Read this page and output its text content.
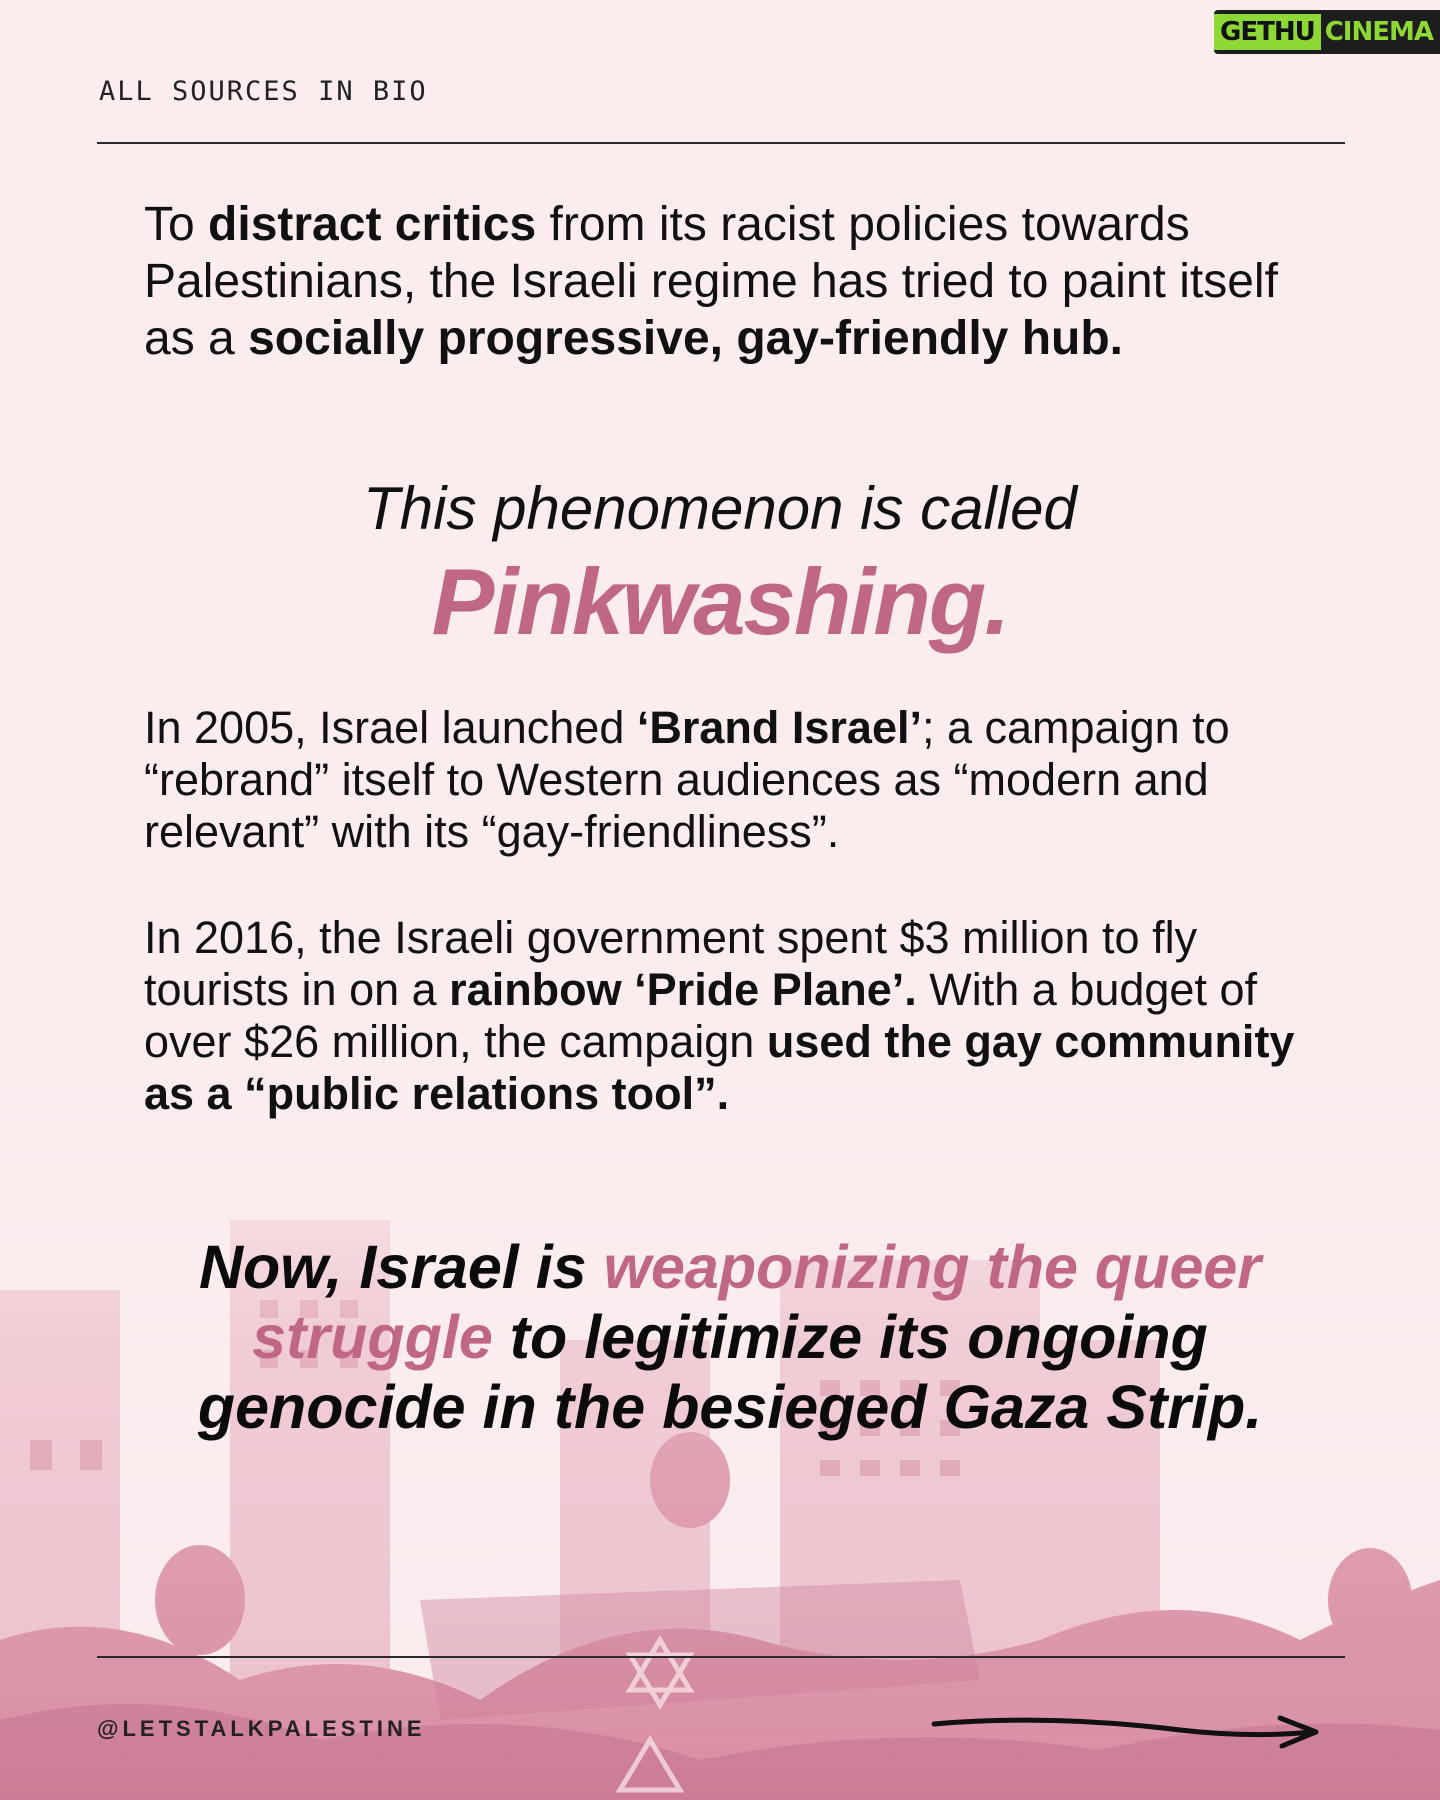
GETHU CINEMA
ALL SOURCES IN BIO
To distract critics from its racist policies towards Palestinians, the Israeli regime has tried to paint itself as a socially progressive, gay-friendly hub.
This phenomenon is called
Pinkwashing.
In 2005, Israel launched ‘Brand Israel’; a campaign to “rebrand” itself to Western audiences as “modern and relevant” with its “gay-friendliness”.
In 2016, the Israeli government spent $3 million to fly tourists in on a rainbow ‘Pride Plane’. With a budget of over $26 million, the campaign used the gay community as a “public relations tool”.
Now, Israel is weaponizing the queer struggle to legitimize its ongoing genocide in the besieged Gaza Strip.
@LETSTALKPALESTINE
